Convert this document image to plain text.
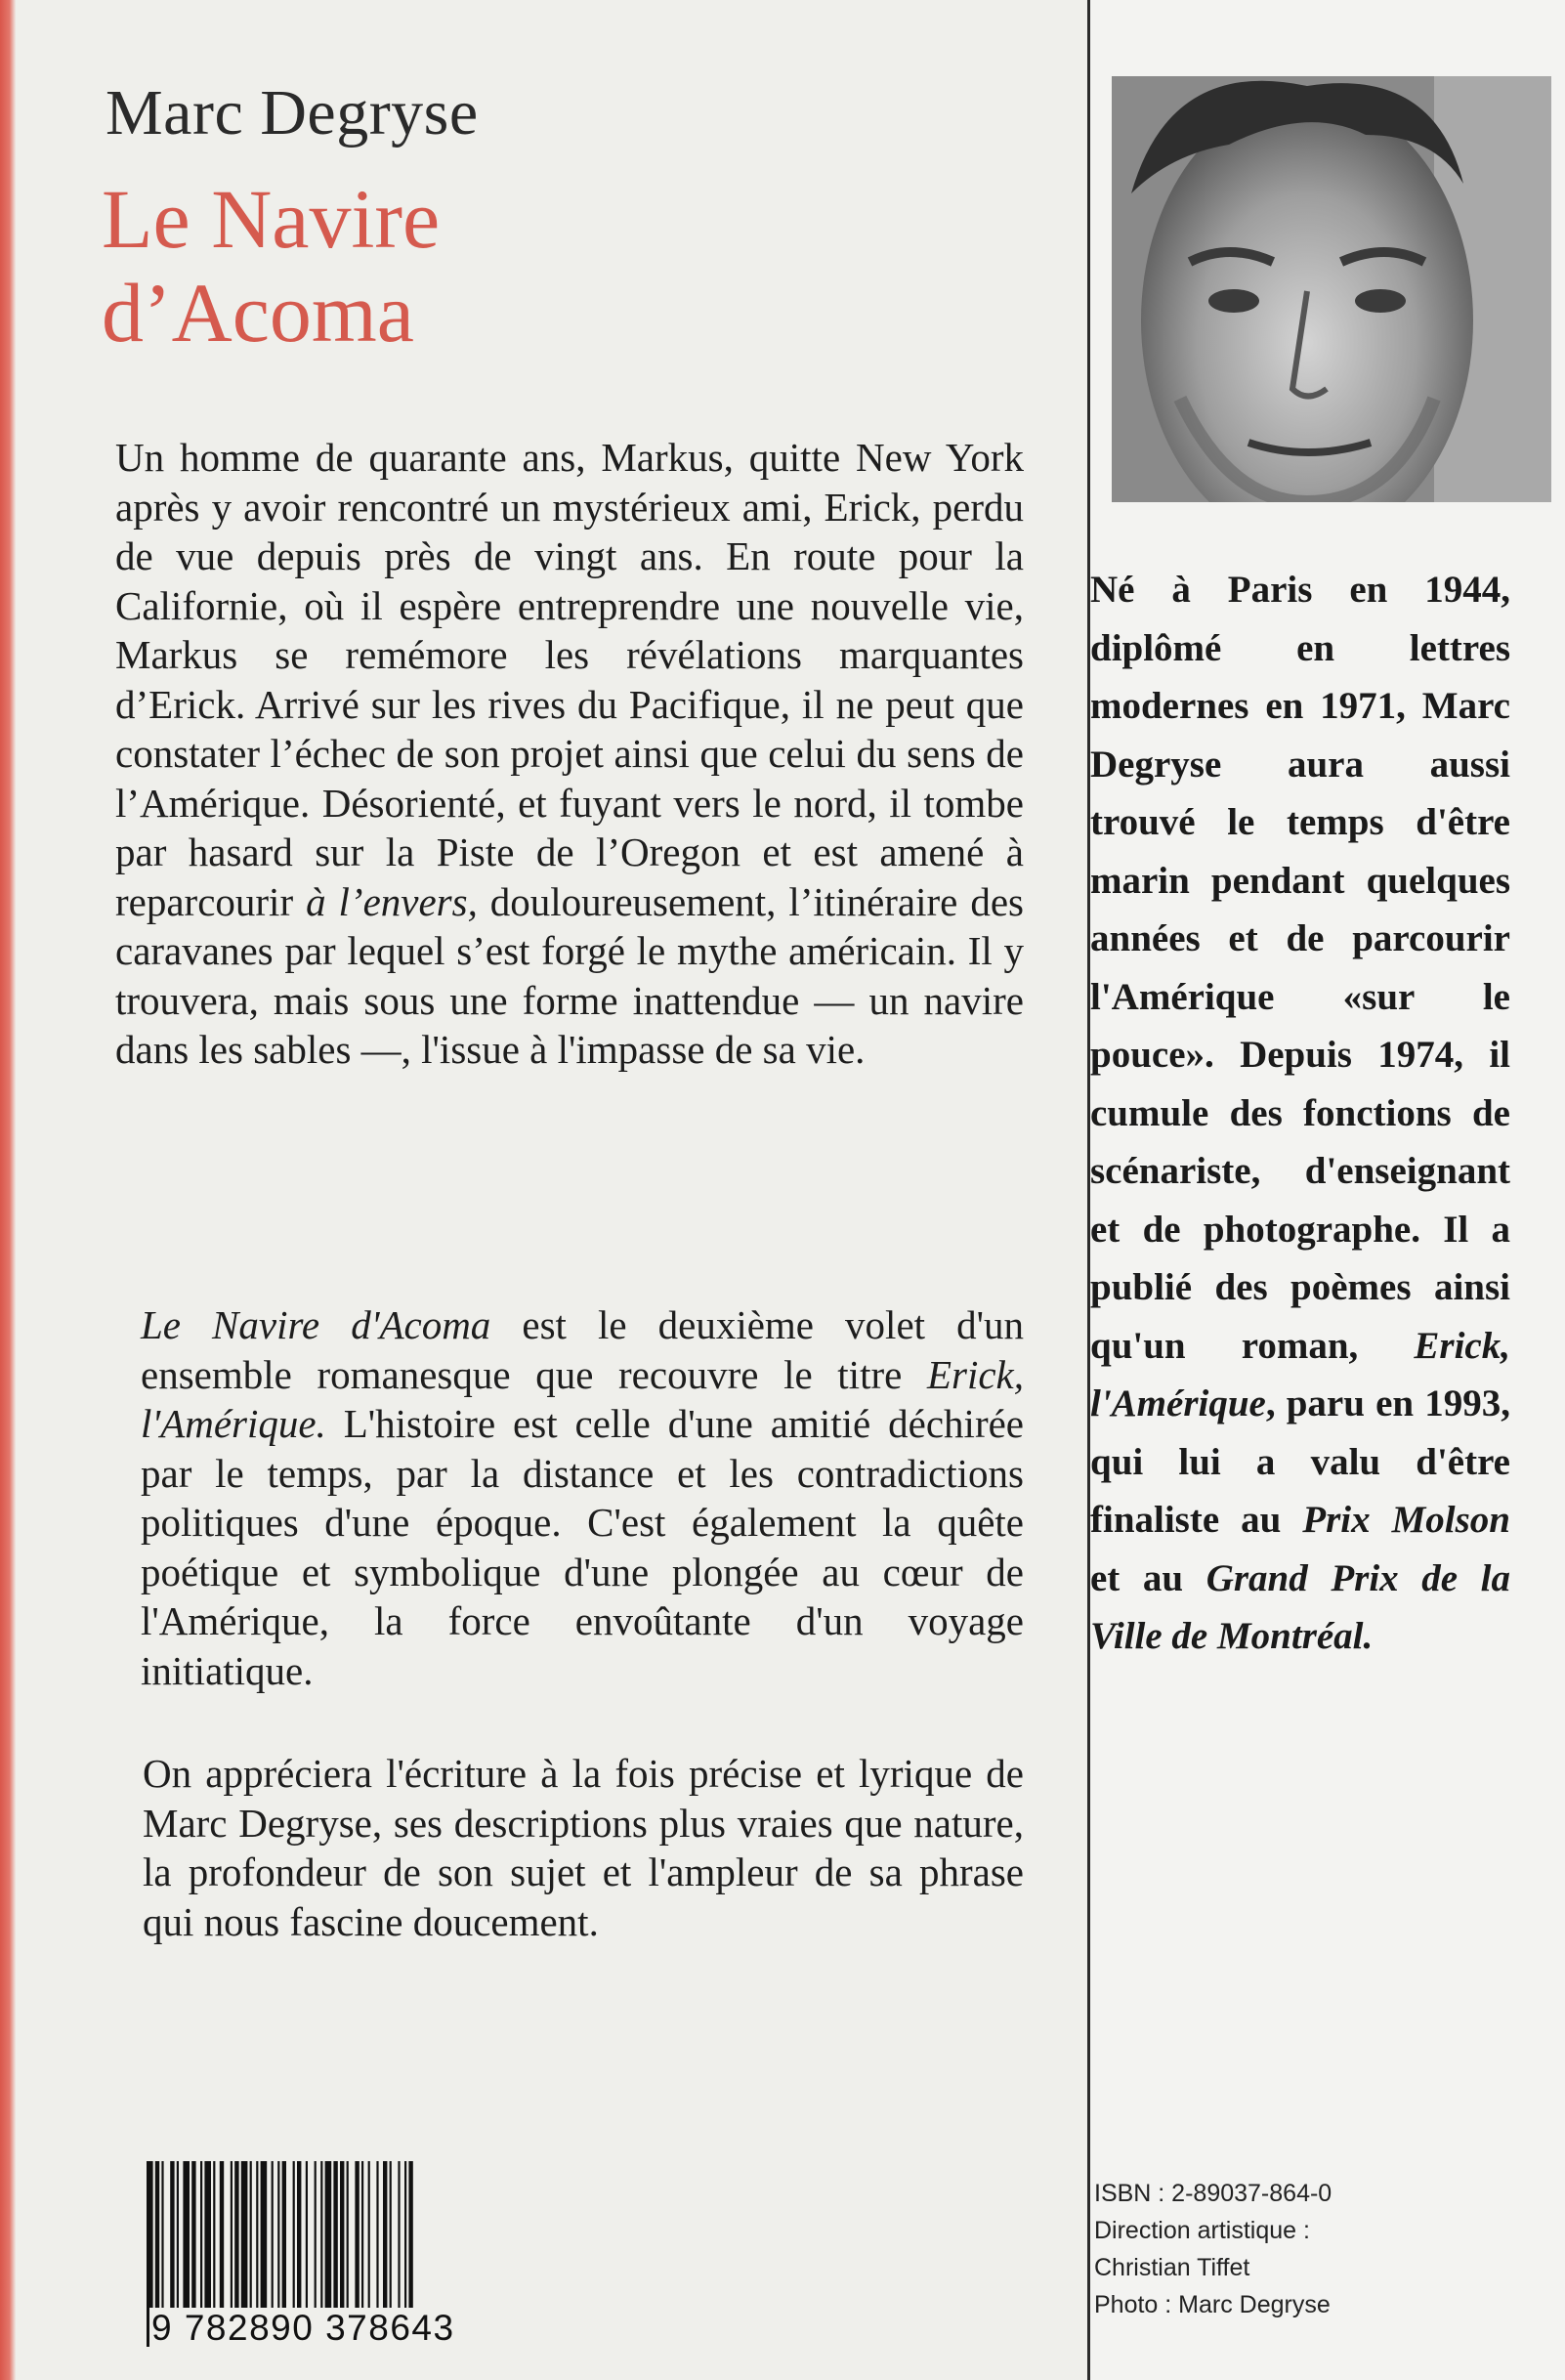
Marc Degryse
Le Navire
d’Acoma
Un homme de quarante ans, Markus, quitte New York après y avoir rencontré un mystérieux ami, Erick, perdu de vue depuis près de vingt ans. En route pour la Californie, où il espère entreprendre une nouvelle vie, Markus se remémore les révélations marquantes d’Erick. Arrivé sur les rives du Pacifique, il ne peut que constater l’échec de son projet ainsi que celui du sens de l’Amérique. Désorienté, et fuyant vers le nord, il tombe par hasard sur la Piste de l’Oregon et est amené à reparcourir à l’envers, douloureusement, l’itinéraire des caravanes par lequel s’est forgé le mythe américain. Il y trouvera, mais sous une forme inattendue — un navire dans les sables —, l'issue à l'impasse de sa vie.
Le Navire d'Acoma est le deuxième volet d'un ensemble romanesque que recouvre le titre Erick, l'Amérique. L'histoire est celle d'une amitié déchirée par le temps, par la distance et les contradictions politiques d'une époque. C'est également la quête poétique et symbolique d'une plongée au cœur de l'Amérique, la force envoûtante d'un voyage initiatique.
On appréciera l'écriture à la fois précise et lyrique de Marc Degryse, ses descriptions plus vraies que nature, la profondeur de son sujet et l'ampleur de sa phrase qui nous fascine doucement.
Né à Paris en 1944, diplômé en lettres modernes en 1971, Marc Degryse aura aussi trouvé le temps d'être marin pendant quelques années et de parcourir l'Amérique «sur le pouce». Depuis 1974, il cumule des fonctions de scénariste, d'enseignant et de photographe. Il a publié des poèmes ainsi qu'un roman, Erick, l'Amérique, paru en 1993, qui lui a valu d'être finaliste au Prix Molson et au Grand Prix de la Ville de Montréal.
ISBN : 2-89037-864-0
Direction artistique :
Christian Tiffet
Photo : Marc Degryse
9 782890 378643
